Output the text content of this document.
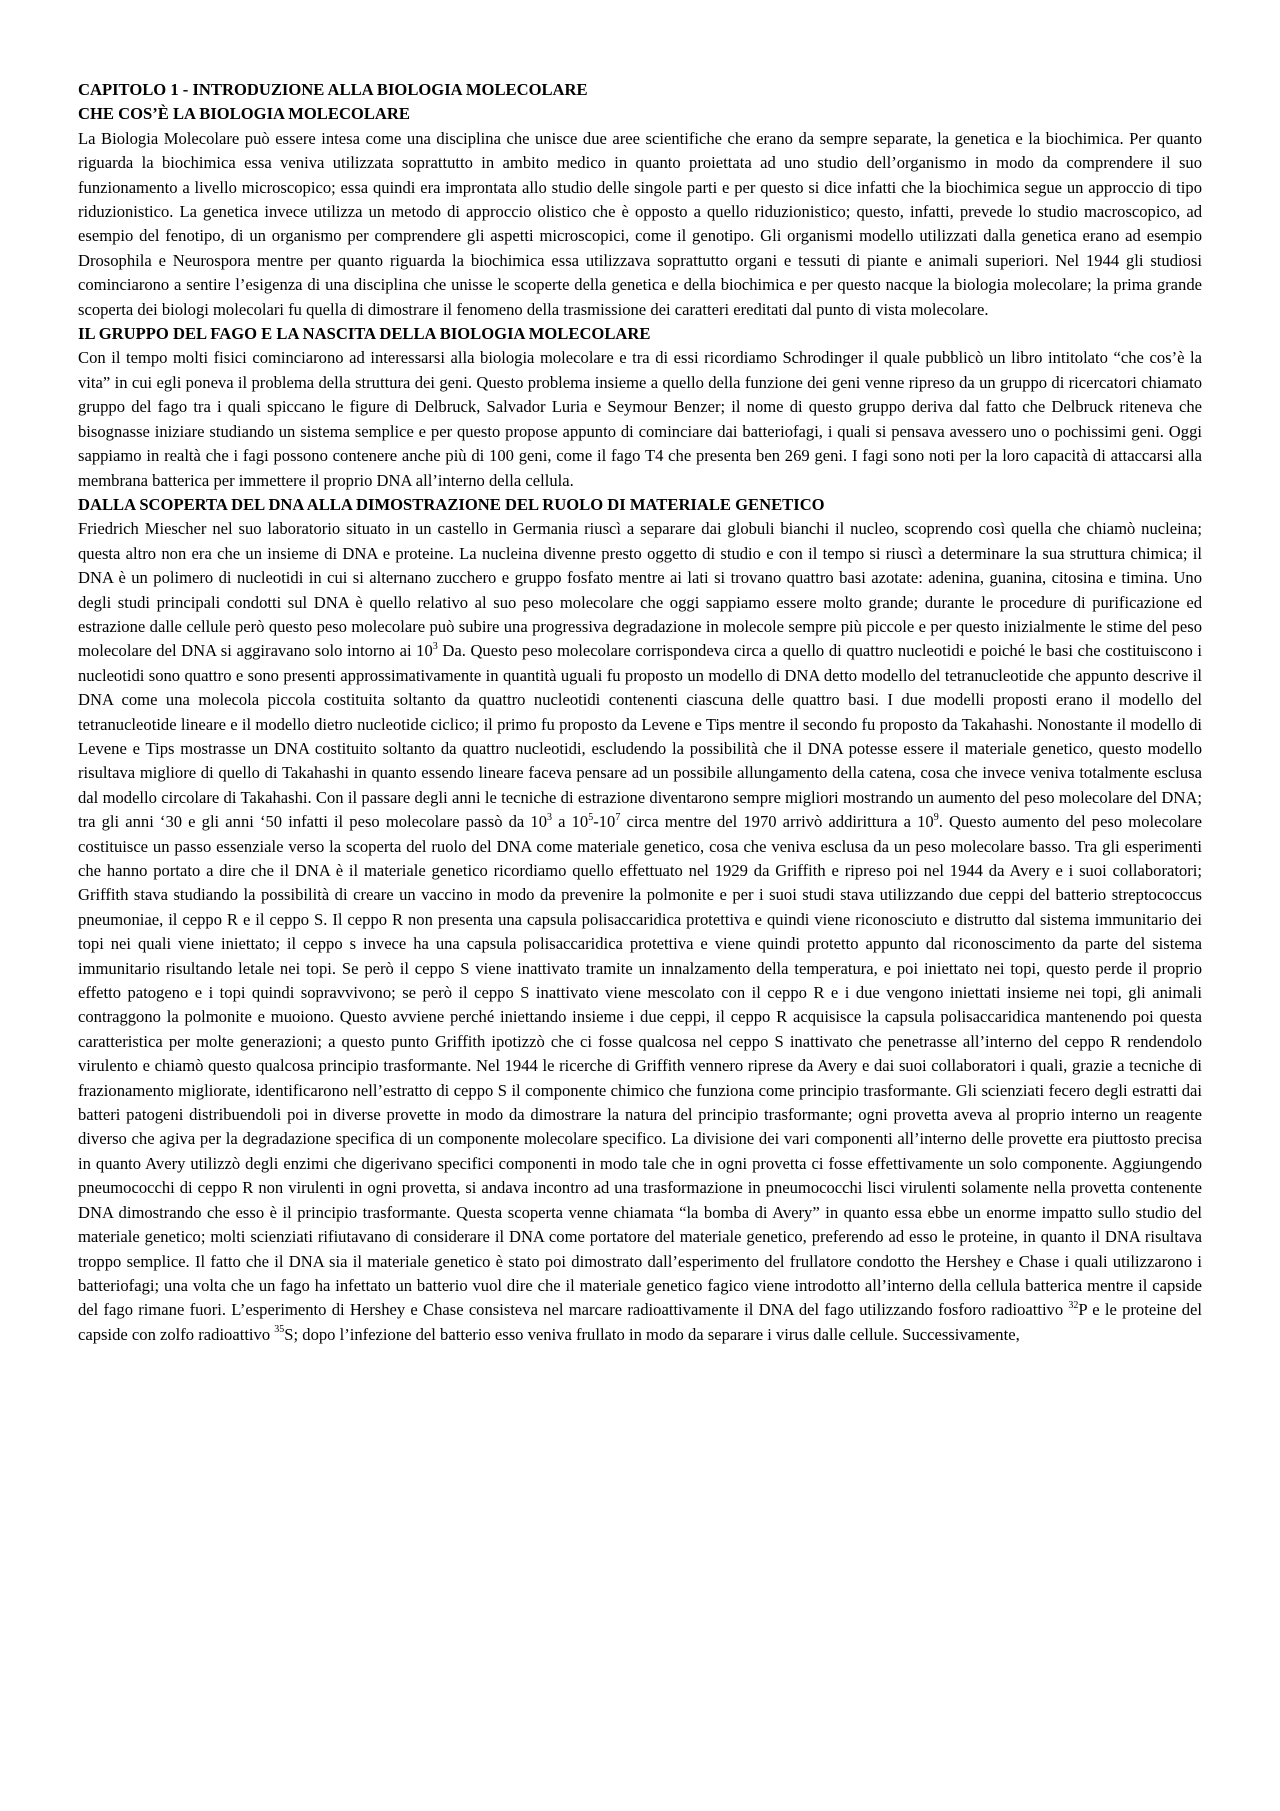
CAPITOLO 1 - INTRODUZIONE ALLA BIOLOGIA MOLECOLARE

CHE COS’È LA BIOLOGIA MOLECOLARE

La Biologia Molecolare può essere intesa come una disciplina che unisce due aree scientifiche che erano da sempre separate, la genetica e la biochimica. Per quanto riguarda la biochimica essa veniva utilizzata soprattutto in ambito medico in quanto proiettata ad uno studio dell’organismo in modo da comprendere il suo funzionamento a livello microscopico; essa quindi era improntata allo studio delle singole parti e per questo si dice infatti che la biochimica segue un approccio di tipo riduzionistico. La genetica invece utilizza un metodo di approccio olistico che è opposto a quello riduzionistico; questo, infatti, prevede lo studio macroscopico, ad esempio del fenotipo, di un organismo per comprendere gli aspetti microscopici, come il genotipo. Gli organismi modello utilizzati dalla genetica erano ad esempio Drosophila e Neurospora mentre per quanto riguarda la biochimica essa utilizzava soprattutto organi e tessuti di piante e animali superiori. Nel 1944 gli studiosi cominciarono a sentire l’esigenza di una disciplina che unisse le scoperte della genetica e della biochimica e per questo nacque la biologia molecolare; la prima grande scoperta dei biologi molecolari fu quella di dimostrare il fenomeno della trasmissione dei caratteri ereditati dal punto di vista molecolare.

IL GRUPPO DEL FAGO E LA NASCITA DELLA BIOLOGIA MOLECOLARE

Con il tempo molti fisici cominciarono ad interessarsi alla biologia molecolare e tra di essi ricordiamo Schrodinger il quale pubblicò un libro intitolato “che cos’è la vita” in cui egli poneva il problema della struttura dei geni. Questo problema insieme a quello della funzione dei geni venne ripreso da un gruppo di ricercatori chiamato gruppo del fago tra i quali spiccano le figure di Delbruck, Salvador Luria e Seymour Benzer; il nome di questo gruppo deriva dal fatto che Delbruck riteneva che bisognasse iniziare studiando un sistema semplice e per questo propose appunto di cominciare dai batteriofagi, i quali si pensava avessero uno o pochissimi geni. Oggi sappiamo in realtà che i fagi possono contenere anche più di 100 geni, come il fago T4 che presenta ben 269 geni. I fagi sono noti per la loro capacità di attaccarsi alla membrana batterica per immettere il proprio DNA all’interno della cellula.

DALLA SCOPERTA DEL DNA ALLA DIMOSTRAZIONE DEL RUOLO DI MATERIALE GENETICO

Friedrich Miescher nel suo laboratorio situato in un castello in Germania riuscì a separare dai globuli bianchi il nucleo, scoprendo così quella che chiamò nucleina; questa altro non era che un insieme di DNA e proteine. La nucleina divenne presto oggetto di studio e con il tempo si riuscì a determinare la sua struttura chimica; il DNA è un polimero di nucleotidi in cui si alternano zucchero e gruppo fosfato mentre ai lati si trovano quattro basi azotate: adenina, guanina, citosina e timina. Uno degli studi principali condotti sul DNA è quello relativo al suo peso molecolare che oggi sappiamo essere molto grande; durante le procedure di purificazione ed estrazione dalle cellule però questo peso molecolare può subire una progressiva degradazione in molecole sempre più piccole e per questo inizialmente le stime del peso molecolare del DNA si aggiravano solo intorno ai $10^3$ Da. Questo peso molecolare corrispondeva circa a quello di quattro nucleotidi e poiché le basi che costituiscono i nucleotidi sono quattro e sono presenti approssimativamente in quantità uguali fu proposto un modello di DNA detto modello del tetranucleotide che appunto descrive il DNA come una molecola piccola costituita soltanto da quattro nucleotidi contenenti ciascuna delle quattro basi. I due modelli proposti erano il modello del tetranucleotide lineare e il modello dietro nucleotide ciclico; il primo fu proposto da Levene e Tips mentre il secondo fu proposto da Takahashi. Nonostante il modello di Levene e Tips mostrasse un DNA costituito soltanto da quattro nucleotidi, escludendo la possibilità che il DNA potesse essere il materiale genetico, questo modello risultava migliore di quello di Takahashi in quanto essendo lineare faceva pensare ad un possibile allungamento della catena, cosa che invece veniva totalmente esclusa dal modello circolare di Takahashi. Con il passare degli anni le tecniche di estrazione diventarono sempre migliori mostrando un aumento del peso molecolare del DNA; tra gli anni ‘30 e gli anni ‘50 infatti il peso molecolare passò da $10^3$ a $10^5-10^7$ circa mentre del 1970 arrivò addirittura a $10^9$. Questo aumento del peso molecolare costituisce un passo essenziale verso la scoperta del ruolo del DNA come materiale genetico, cosa che veniva esclusa da un peso molecolare basso. Tra gli esperimenti che hanno portato a dire che il DNA è il materiale genetico ricordiamo quello effettuato nel 1929 da Griffith e ripreso poi nel 1944 da Avery e i suoi collaboratori; Griffith stava studiando la possibilità di creare un vaccino in modo da prevenire la polmonite e per i suoi studi stava utilizzando due ceppi del batterio streptococcus pneumoniae, il ceppo R e il ceppo S. Il ceppo R non presenta una capsula polisaccaridica protettiva e quindi viene riconosciuto e distrutto dal sistema immunitario dei topi nei quali viene iniettato; il ceppo s invece ha una capsula polisaccaridica protettiva e viene quindi protetto appunto dal riconoscimento da parte del sistema immunitario risultando letale nei topi. Se però il ceppo S viene inattivato tramite un innalzamento della temperatura, e poi iniettato nei topi, questo perde il proprio effetto patogeno e i topi quindi sopravvivono; se però il ceppo S inattivato viene mescolato con il ceppo R e i due vengono iniettati insieme nei topi, gli animali contraggono la polmonite e muoiono. Questo avviene perché iniettando insieme i due ceppi, il ceppo R acquisisce la capsula polisaccaridica mantenendo poi questa caratteristica per molte generazioni; a questo punto Griffith ipotizzò che ci fosse qualcosa nel ceppo S inattivato che penetrasse all’interno del ceppo R rendendolo virulento e chiamò questo qualcosa principio trasformante. Nel 1944 le ricerche di Griffith vennero riprese da Avery e dai suoi collaboratori i quali, grazie a tecniche di frazionamento migliorate, identificarono nell’estratto di ceppo S il componente chimico che funziona come principio trasformante. Gli scienziati fecero degli estratti dai batteri patogeni distribuendoli poi in diverse provette in modo da dimostrare la natura del principio trasformante; ogni provetta aveva al proprio interno un reagente diverso che agiva per la degradazione specifica di un componente molecolare specifico. La divisione dei vari componenti all’interno delle provette era piuttosto precisa in quanto Avery utilizzò degli enzimi che digerivano specifici componenti in modo tale che in ogni provetta ci fosse effettivamente un solo componente. Aggiungendo pneumococchi di ceppo R non virulenti in ogni provetta, si andava incontro ad una trasformazione in pneumococchi lisci virulenti solamente nella provetta contenente DNA dimostrando che esso è il principio trasformante. Questa scoperta venne chiamata “la bomba di Avery” in quanto essa ebbe un enorme impatto sullo studio del materiale genetico; molti scienziati rifiutavano di considerare il DNA come portatore del materiale genetico, preferendo ad esso le proteine, in quanto il DNA risultava troppo semplice. Il fatto che il DNA sia il materiale genetico è stato poi dimostrato dall’esperimento del frullatore condotto the Hershey e Chase i quali utilizzarono i batteriofagi; una volta che un fago ha infettato un batterio vuol dire che il materiale genetico fagico viene introdotto all’interno della cellula batterica mentre il capside del fago rimane fuori. L’esperimento di Hershey e Chase consisteva nel marcare radioattivamente il DNA del fago utilizzando fosforo radioattivo $^{32}$P e le proteine del capside con zolfo radioattivo $^{35}$S; dopo l’infezione del batterio esso veniva frullato in modo da separare i virus dalle cellule. Successivamente,
